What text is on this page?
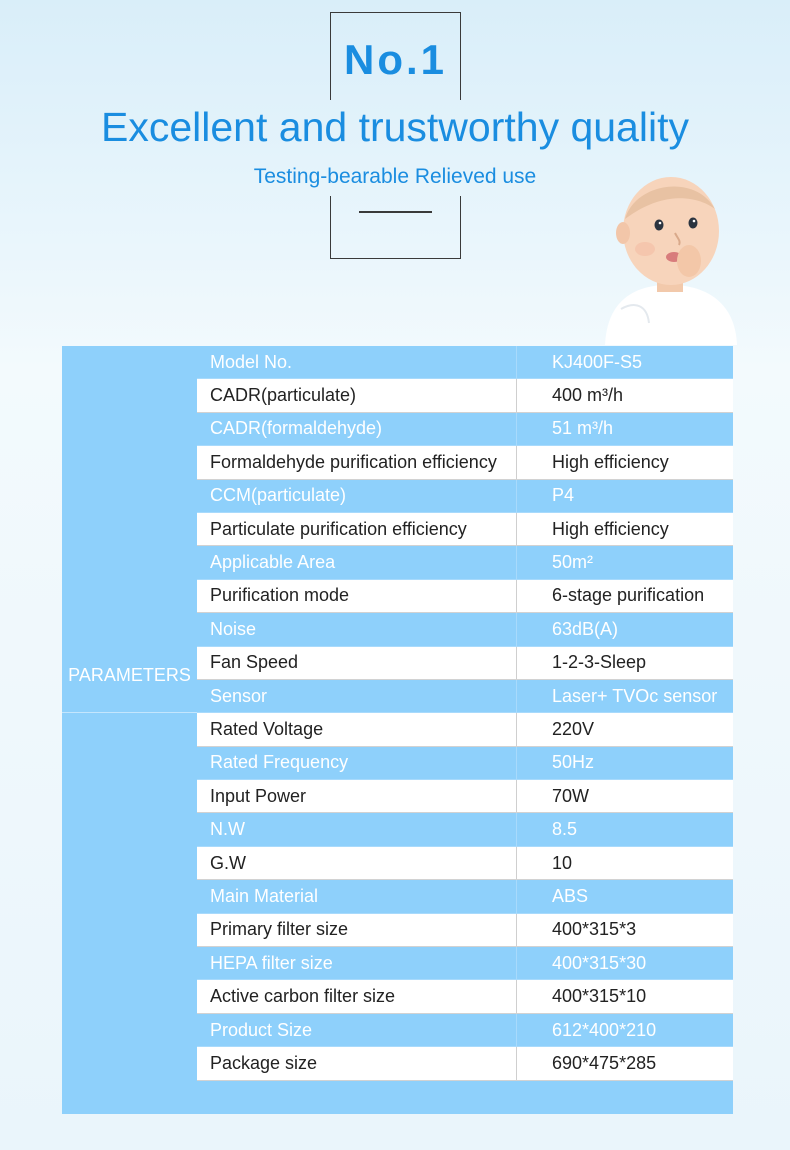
No.1
Excellent and trustworthy quality
Testing-bearable Relieved use
PARAMETERS
Model No.	KJ400F-S5
CADR(particulate)	400 m³/h
CADR(formaldehyde)	51 m³/h
Formaldehyde purification efficiency	High efficiency
CCM(particulate)	P4
Particulate purification efficiency	High efficiency
Applicable Area	50m²
Purification mode	6-stage purification
Noise	63dB(A)
Fan Speed	1-2-3-Sleep
Sensor	Laser+ TVOc sensor
Rated Voltage	220V
Rated Frequency	50Hz
Input Power	70W
N.W	8.5
G.W	10
Main Material	ABS
Primary filter size	400*315*3
HEPA filter size	400*315*30
Active carbon filter size	400*315*10
Product Size	612*400*210
Package size	690*475*285
